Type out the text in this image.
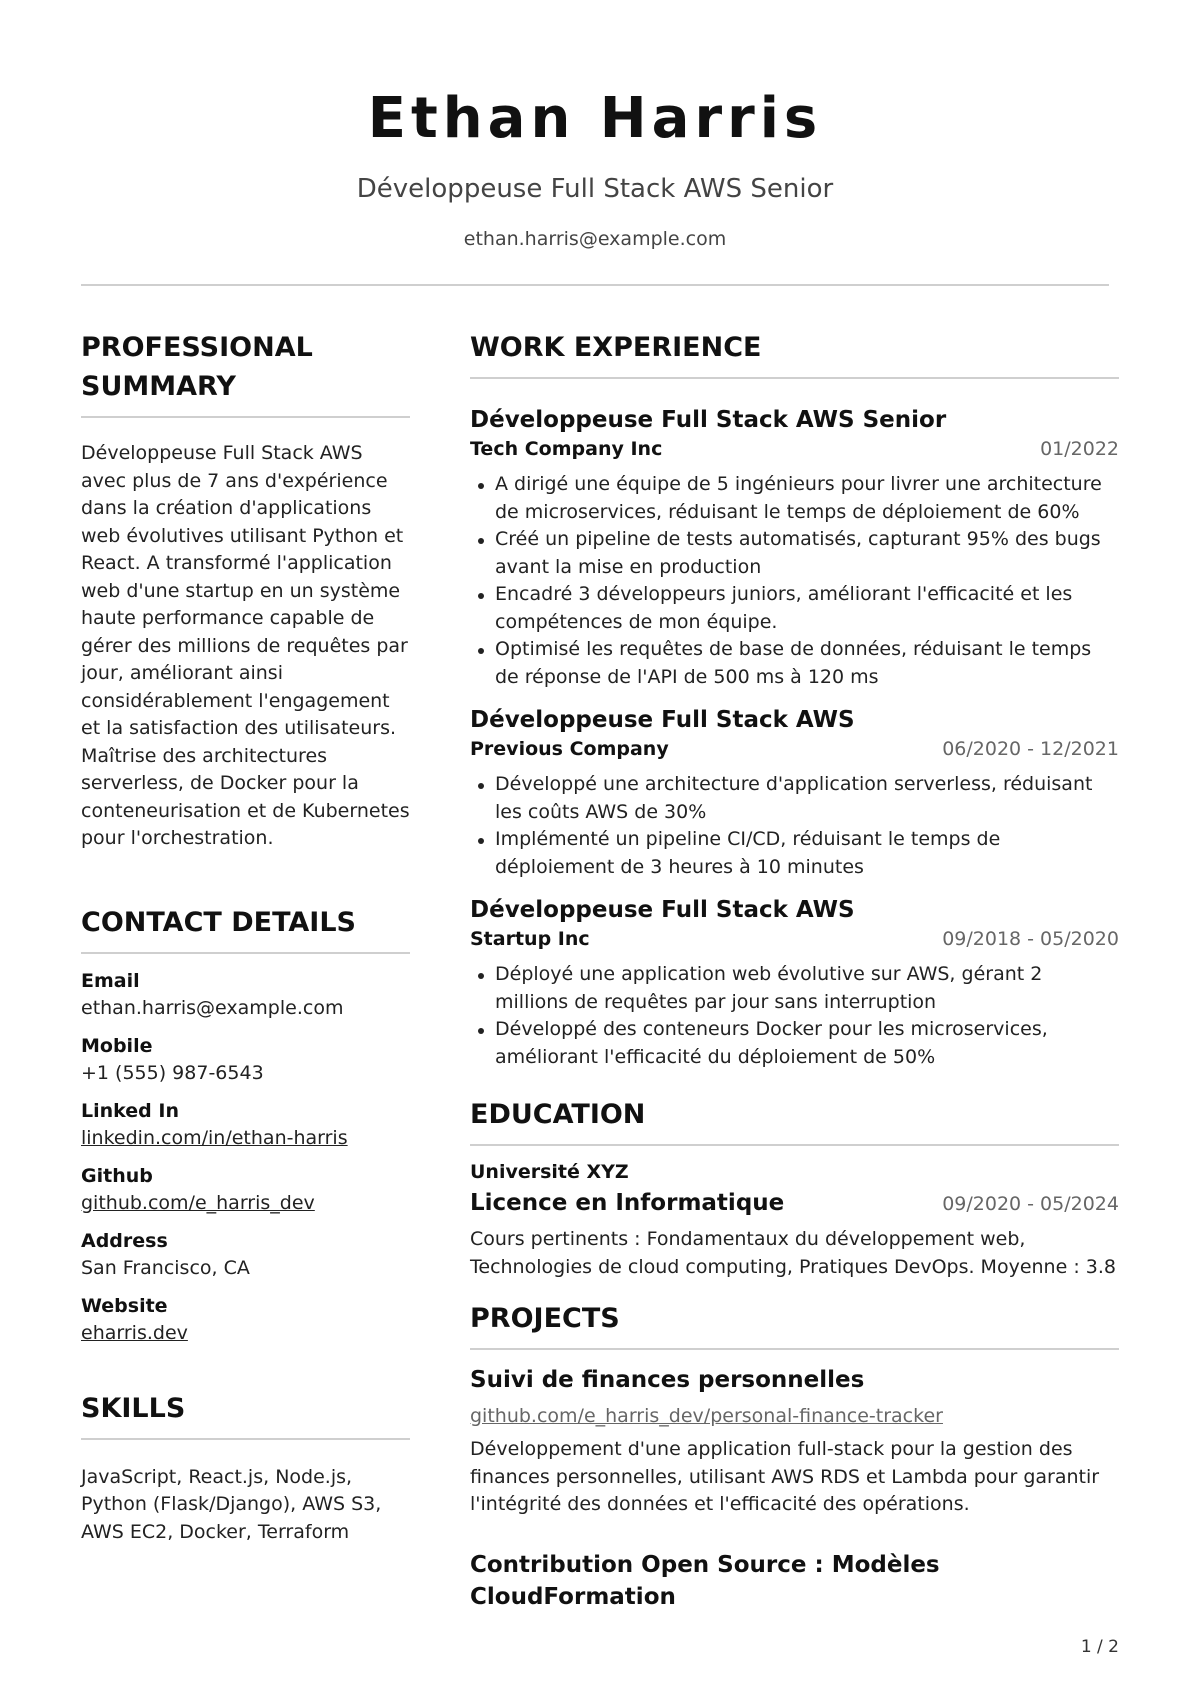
Ethan Harris
Développeuse Full Stack AWS Senior
ethan.harris@example.com
PROFESSIONAL SUMMARY

Développeuse Full Stack AWS avec plus de 7 ans d'expérience dans la création d'applications web évolutives utilisant Python et React. A transformé l'application web d'une startup en un système haute performance capable de gérer des millions de requêtes par jour, améliorant ainsi considérablement l'engagement et la satisfaction des utilisateurs. Maîtrise des architectures serverless, de Docker pour la conteneurisation et de Kubernetes pour l'orchestration.

CONTACT DETAILS
Email
ethan.harris@example.com
Mobile
+1 (555) 987-6543
Linked In
linkedin.com/in/ethan-harris
Github
github.com/e_harris_dev
Address
San Francisco, CA
Website
eharris.dev
SKILLS

JavaScript, React.js, Node.js, Python (Flask/Django), AWS S3, AWS EC2, Docker, Terraform

WORK EXPERIENCE
Développeuse Full Stack AWS Senior
Tech Company Inc	01/2022
A dirigé une équipe de 5 ingénieurs pour livrer une architecture de microservices, réduisant le temps de déploiement de 60%
Créé un pipeline de tests automatisés, capturant 95% des bugs avant la mise en production
Encadré 3 développeurs juniors, améliorant l'efficacité et les compétences de mon équipe.
Optimisé les requêtes de base de données, réduisant le temps de réponse de l'API de 500 ms à 120 ms
Développeuse Full Stack AWS
Previous Company	06/2020 - 12/2021
Développé une architecture d'application serverless, réduisant les coûts AWS de 30%
Implémenté un pipeline CI/CD, réduisant le temps de déploiement de 3 heures à 10 minutes
Développeuse Full Stack AWS
Startup Inc	09/2018 - 05/2020
Déployé une application web évolutive sur AWS, gérant 2 millions de requêtes par jour sans interruption
Développé des conteneurs Docker pour les microservices, améliorant l'efficacité du déploiement de 50%
EDUCATION
Université XYZ
Licence en Informatique	09/2020 - 05/2024

Cours pertinents : Fondamentaux du développement web, Technologies de cloud computing, Pratiques DevOps. Moyenne : 3.8

PROJECTS
Suivi de finances personnelles
github.com/e_harris_dev/personal-finance-tracker

Développement d'une application full-stack pour la gestion des finances personnelles, utilisant AWS RDS et Lambda pour garantir l'intégrité des données et l'efficacité des opérations.

Contribution Open Source : Modèles CloudFormation
1 / 2
